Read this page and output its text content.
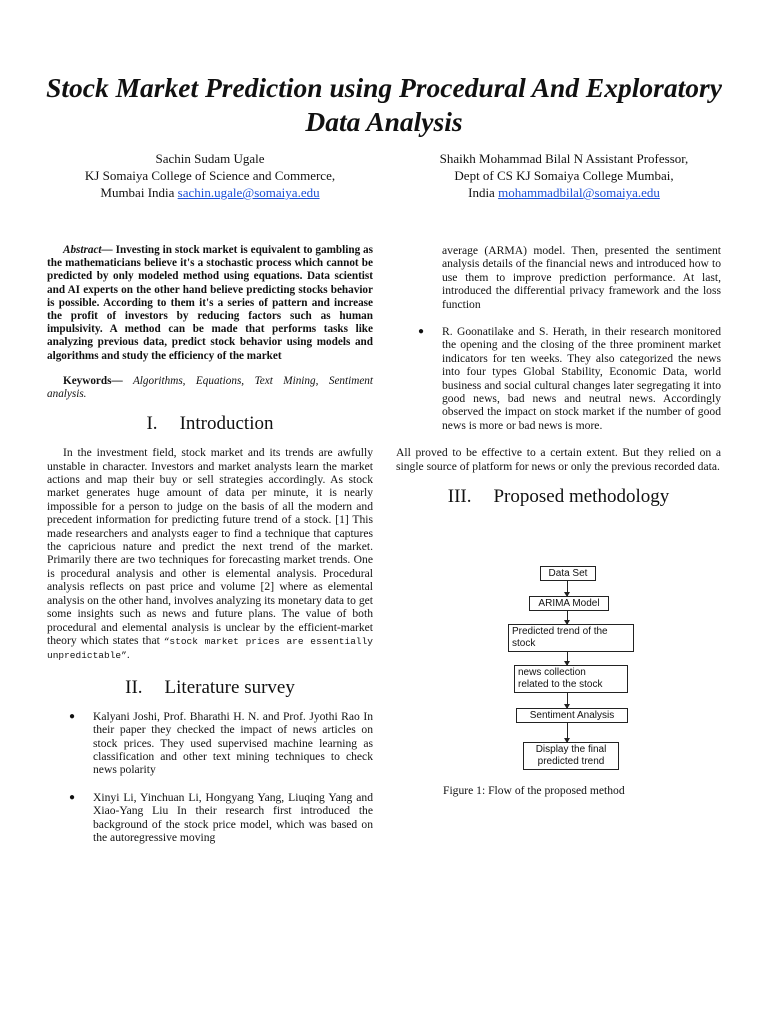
Stock Market Prediction using Procedural And Exploratory Data Analysis
Sachin Sudam Ugale
KJ Somaiya College of Science and Commerce,
Mumbai India sachin.ugale@somaiya.edu
Shaikh Mohammad Bilal N Assistant Professor,
Dept of CS KJ Somaiya College Mumbai,
India mohammadbilal@somaiya.edu

Abstract— Investing in stock market is equivalent to gambling as the mathematicians believe it's a stochastic process which cannot be predicted by only modeled method using equations. Data scientist and AI experts on the other hand believe predicting stocks behavior is possible. According to them it's a series of pattern and increase the profit of investors by reducing factors such as human impulsivity. A method can be made that performs tasks like analyzing previous data, predict stock behavior using models and algorithms and study the efficiency of the market

Keywords— Algorithms, Equations, Text Mining, Sentiment analysis.

I. Introduction

In the investment field, stock market and its trends are awfully unstable in character. Investors and market analysts learn the market actions and map their buy or sell strategies accordingly. As stock market generates huge amount of data per minute, it is nearly impossible for a person to judge on the basis of all the modern and precedent information for predicting future trend of a stock. [1] This made researchers and analysts eager to find a technique that captures the capricious nature and predict the next trend of the market. Primarily there are two techniques for forecasting market trends. One is procedural analysis and other is elemental analysis. Procedural analysis reflects on past price and volume [2] where as elemental analysis on the other hand, involves analyzing its monetary data to get some insights such as news and future plans. The value of both procedural and elemental analysis is unclear by the efficient-market theory which states that “stock market prices are essentially unpredictable”.

II. Literature survey
● Kalyani Joshi, Prof. Bharathi H. N. and Prof. Jyothi Rao In their paper they checked the impact of news articles on stock prices. They used supervised machine learning as classification and other text mining techniques to check news polarity
● Xinyi Li, Yinchuan Li, Hongyang Yang, Liuqing Yang and Xiao-Yang Liu In their research first introduced the background of the stock price model, which was based on the autoregressive moving

average (ARMA) model. Then, presented the sentiment analysis details of the financial news and introduced how to use them to improve prediction performance. At last, introduced the differential privacy framework and the loss function

● R. Goonatilake and S. Herath, in their research monitored the opening and the closing of the three prominent market indicators for ten weeks. They also categorized the news into four types Global Stability, Economic Data, world business and social cultural changes later segregating it into good news, bad news and neutral news. Accordingly observed the impact on stock market if the number of good news is more or bad news is more.

All proved to be effective to a certain extent. But they relied on a single source of platform for news or only the previous recorded data.

III. Proposed methodology
Data Set
ARIMA Model
Predicted trend of the
stock
news collection
related to the stock
Sentiment Analysis
Display the final
predicted trend
Figure 1: Flow of the proposed method
